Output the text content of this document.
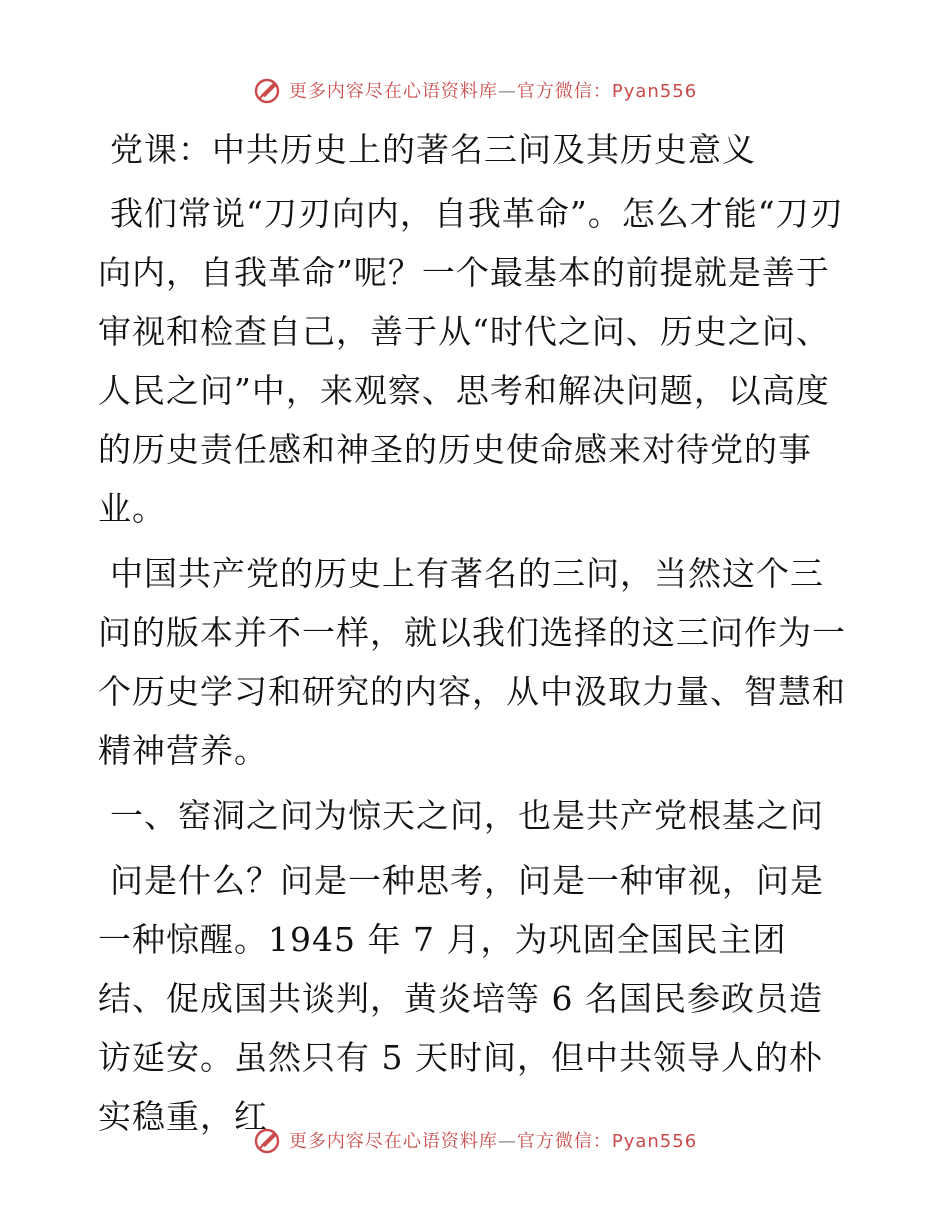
更多内容尽在心语资料库—官方微信：Pyan556
党课：中共历史上的著名三问及其历史意义
我们常说“刀刃向内，自我革命”。怎么才能“刀刃向内，自我革命”呢？一个最基本的前提就是善于审视和检查自己，善于从“时代之问、历史之问、人民之问”中，来观察、思考和解决问题，以高度的历史责任感和神圣的历史使命感来对待党的事业。
中国共产党的历史上有著名的三问，当然这个三问的版本并不一样，就以我们选择的这三问作为一个历史学习和研究的内容，从中汲取力量、智慧和精神营养。
一、窑洞之问为惊天之问，也是共产党根基之问
问是什么？问是一种思考，问是一种审视，问是一种惊醒。1945 年 7 月，为巩固全国民主团结、促成国共谈判，黄炎培等 6 名国民参政员造访延安。虽然只有 5 天时间，但中共领导人的朴实稳重，红
更多内容尽在心语资料库—官方微信：Pyan556
